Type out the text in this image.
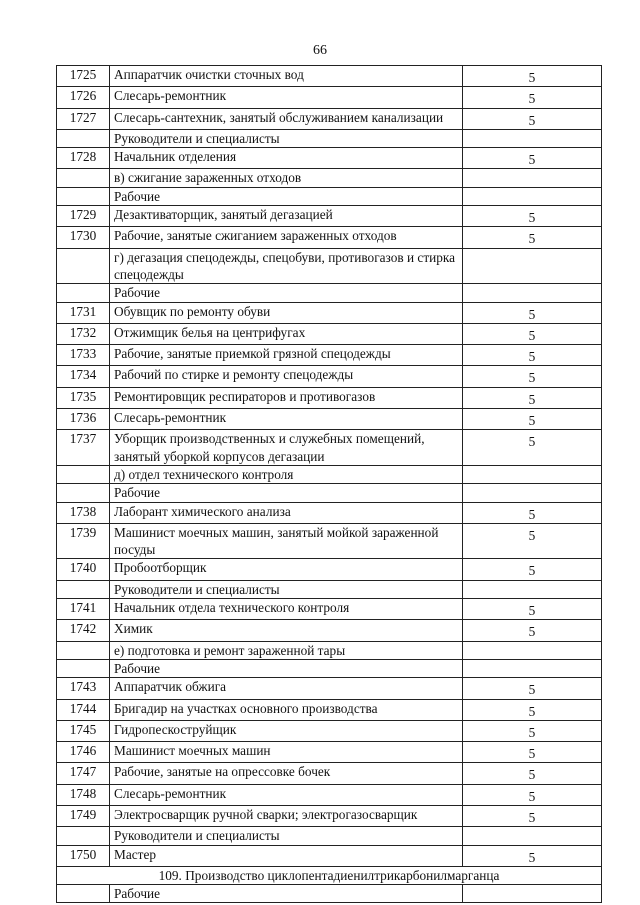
66
1725	Аппаратчик очистки сточных вод	5

1726	Слесарь-ремонтник	5

1727	Слесарь-сантехник, занятый обслуживанием канализации	5

	Руководители и специалисты	

1728	Начальник отделения	5

	в) сжигание зараженных отходов	

	Рабочие	

1729	Дезактиваторщик, занятый дегазацией	5

1730	Рабочие, занятые сжиганием зараженных отходов	5

	г) дегазация спецодежды, спецобуви, противогазов и стирка спецодежды	

	Рабочие	

1731	Обувщик по ремонту обуви	5

1732	Отжимщик белья на центрифугах	5

1733	Рабочие, занятые приемкой грязной спецодежды	5

1734	Рабочий по стирке и ремонту спецодежды	5

1735	Ремонтировщик респираторов и противогазов	5

1736	Слесарь-ремонтник	5

1737	Уборщик производственных и служебных помещений, занятый уборкой корпусов дегазации	5

	д) отдел технического контроля	

	Рабочие	

1738	Лаборант химического анализа	5

1739	Машинист моечных машин, занятый мойкой зараженной посуды	5

1740	Пробоотборщик	5

	Руководители и специалисты	

1741	Начальник отдела технического контроля	5

1742	Химик	5

	е) подготовка и ремонт зараженной тары	

	Рабочие	

1743	Аппаратчик обжига	5

1744	Бригадир на участках основного производства	5

1745	Гидропескоструйщик	5

1746	Машинист моечных машин	5

1747	Рабочие, занятые на опрессовке бочек	5

1748	Слесарь-ремонтник	5

1749	Электросварщик ручной сварки; электрогазосварщик	5

	Руководители и специалисты	

1750	Мастер	5

109. Производство циклопентадиенилтрикарбонилмарганца		
	Рабочие	
